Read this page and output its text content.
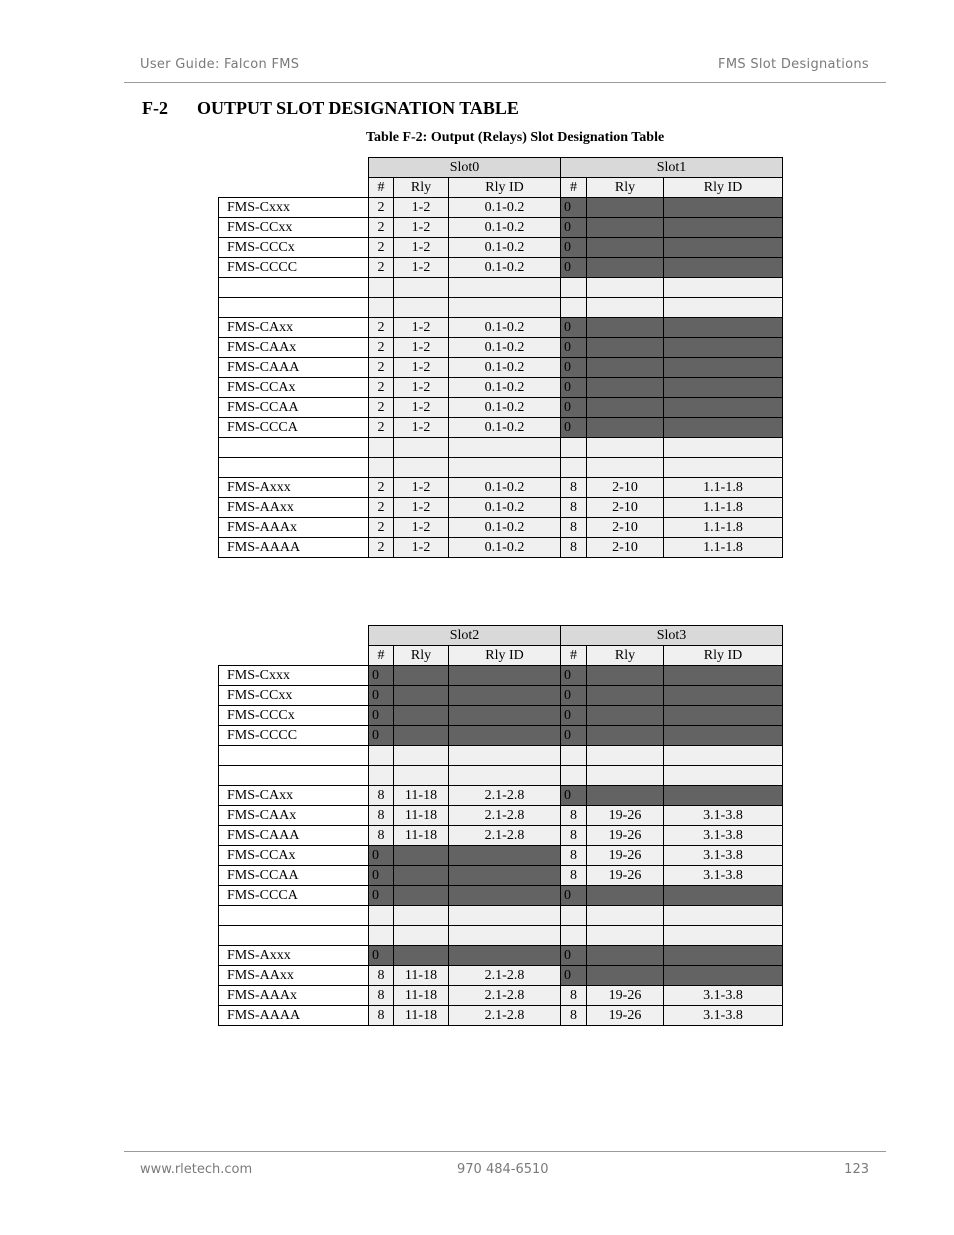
User Guide: Falcon FMS	FMS Slot Designations
F-2 OUTPUT SLOT DESIGNATION TABLE
Table F-2: Output (Relays) Slot Designation Table
	Slot0			Slot1		
	#	Rly	Rly ID	#	Rly	Rly ID
FMS-Cxxx	2	1-2	0.1-0.2	0		
FMS-CCxx	2	1-2	0.1-0.2	0		
FMS-CCCx	2	1-2	0.1-0.2	0		
FMS-CCCC	2	1-2	0.1-0.2	0		

FMS-CAxx	2	1-2	0.1-0.2	0		
FMS-CAAx	2	1-2	0.1-0.2	0		
FMS-CAAA	2	1-2	0.1-0.2	0		
FMS-CCAx	2	1-2	0.1-0.2	0		
FMS-CCAA	2	1-2	0.1-0.2	0		
FMS-CCCA	2	1-2	0.1-0.2	0		

FMS-Axxx	2	1-2	0.1-0.2	8	2-10	1.1-1.8
FMS-AAxx	2	1-2	0.1-0.2	8	2-10	1.1-1.8
FMS-AAAx	2	1-2	0.1-0.2	8	2-10	1.1-1.8
FMS-AAAA	2	1-2	0.1-0.2	8	2-10	1.1-1.8
	Slot2			Slot3		
	#	Rly	Rly ID	#	Rly	Rly ID
FMS-Cxxx	0			0		
FMS-CCxx	0			0		
FMS-CCCx	0			0		
FMS-CCCC	0			0		

FMS-CAxx	8	11-18	2.1-2.8	0		
FMS-CAAx	8	11-18	2.1-2.8	8	19-26	3.1-3.8
FMS-CAAA	8	11-18	2.1-2.8	8	19-26	3.1-3.8
FMS-CCAx	0			8	19-26	3.1-3.8
FMS-CCAA	0			8	19-26	3.1-3.8
FMS-CCCA	0			0		

FMS-Axxx	0			0		
FMS-AAxx	8	11-18	2.1-2.8	0		
FMS-AAAx	8	11-18	2.1-2.8	8	19-26	3.1-3.8
FMS-AAAA	8	11-18	2.1-2.8	8	19-26	3.1-3.8
www.rletech.com	970 484-6510	123
